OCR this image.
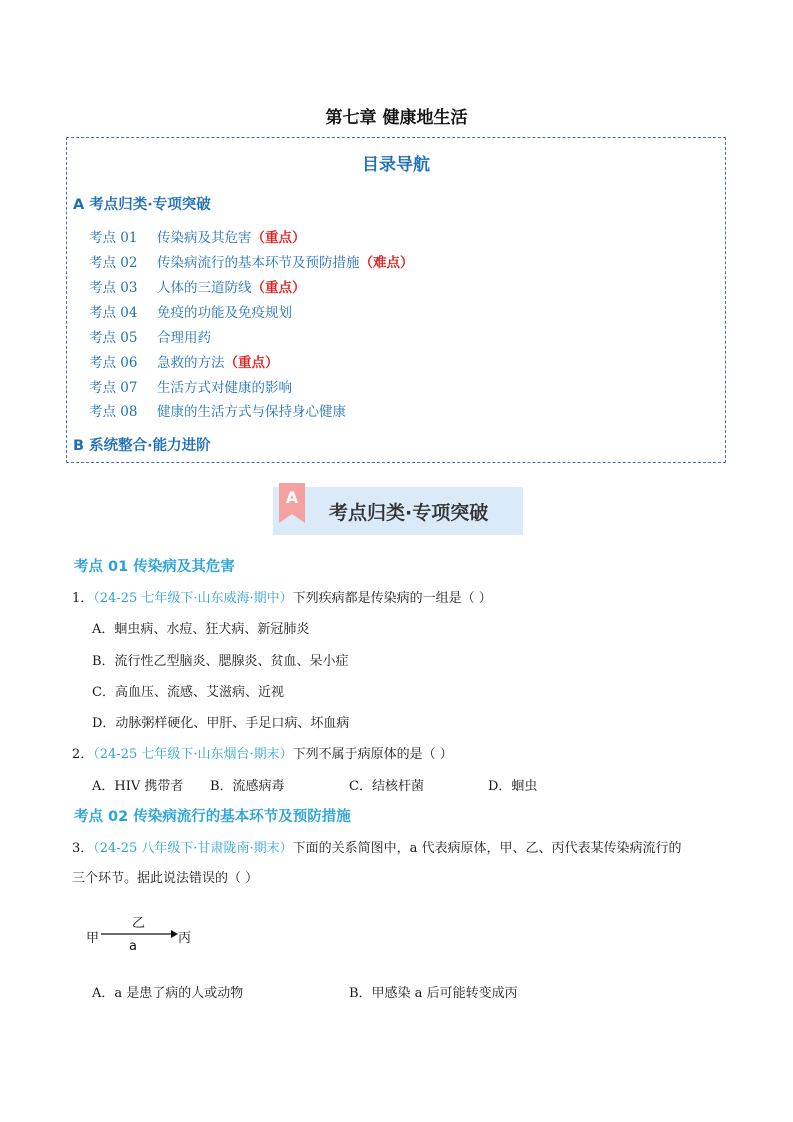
第七章 健康地生活
目录导航
A 考点归类·专项突破
考点 01 传染病及其危害（重点）
考点 02 传染病流行的基本环节及预防措施（难点）
考点 03 人体的三道防线（重点）
考点 04 免疫的功能及免疫规划
考点 05 合理用药
考点 06 急救的方法（重点）
考点 07 生活方式对健康的影响
考点 08 健康的生活方式与保持身心健康
B 系统整合·能力进阶
A
考点归类·专项突破
考点 01 传染病及其危害
1．（24-25 七年级下·山东威海·期中）下列疾病都是传染病的一组是（ ）
A．蛔虫病、水痘、狂犬病、新冠肺炎
B．流行性乙型脑炎、腮腺炎、贫血、呆小症
C．高血压、流感、艾滋病、近视
D．动脉粥样硬化、甲肝、手足口病、坏血病
2．（24-25 七年级下·山东烟台·期末）下列不属于病原体的是（ ）
A．HIV 携带者 B．流感病毒	C．结核杆菌	D．蛔虫
考点 02 传染病流行的基本环节及预防措施
3．（24-25 八年级下·甘肃陇南·期末）下面的关系简图中，a 代表病原体，甲、乙、丙代表某传染病流行的
三个环节。据此说法错误的（ ）
甲
乙
a
丙
A．a 是患了病的人或动物	B．甲感染 a 后可能转变成丙
